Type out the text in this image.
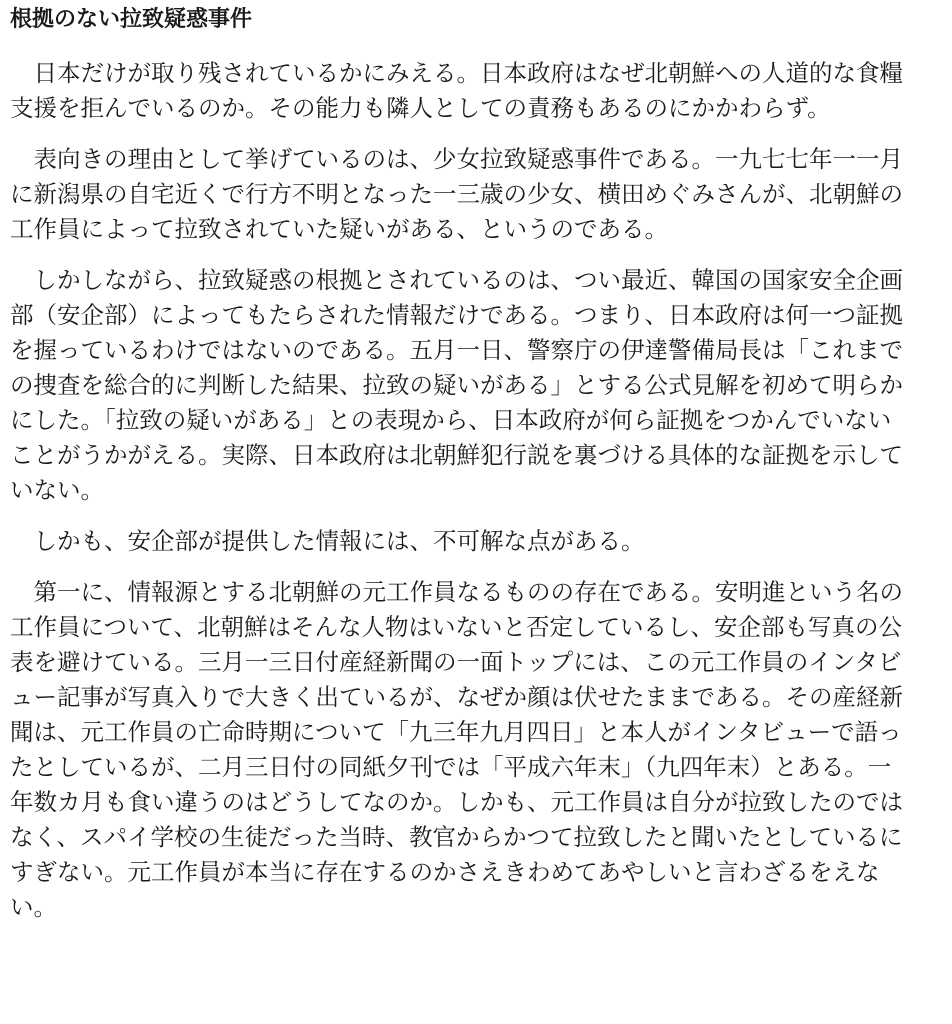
根拠のない拉致疑惑事件

　日本だけが取り残されているかにみえる。日本政府はなぜ北朝鮮への人道的な食糧
支援を拒んでいるのか。その能力も隣人としての責務もあるのにかかわらず。

　表向きの理由として挙げているのは、少女拉致疑惑事件である。一九七七年一一月
に新潟県の自宅近くで行方不明となった一三歳の少女、横田めぐみさんが、北朝鮮の
工作員によって拉致されていた疑いがある、というのである。

　しかしながら、拉致疑惑の根拠とされているのは、つい最近、韓国の国家安全企画
部（安企部）によってもたらされた情報だけである。つまり、日本政府は何一つ証拠
を握っているわけではないのである。五月一日、警察庁の伊達警備局長は「これまで
の捜査を総合的に判断した結果、拉致の疑いがある」とする公式見解を初めて明らか
にした。「拉致の疑いがある」との表現から、日本政府が何ら証拠をつかんでいない
ことがうかがえる。実際、日本政府は北朝鮮犯行説を裏づける具体的な証拠を示して
いない。

　しかも、安企部が提供した情報には、不可解な点がある。

　第一に、情報源とする北朝鮮の元工作員なるものの存在である。安明進という名の
工作員について、北朝鮮はそんな人物はいないと否定しているし、安企部も写真の公
表を避けている。三月一三日付産経新聞の一面トップには、この元工作員のインタビ
ュー記事が写真入りで大きく出ているが、なぜか顔は伏せたままである。その産経新
聞は、元工作員の亡命時期について「九三年九月四日」と本人がインタビューで語っ
たとしているが、二月三日付の同紙夕刊では「平成六年末」（九四年末）とある。一
年数カ月も食い違うのはどうしてなのか。しかも、元工作員は自分が拉致したのでは
なく、スパイ学校の生徒だった当時、教官からかつて拉致したと聞いたとしているに
すぎない。元工作員が本当に存在するのかさえきわめてあやしいと言わざるをえな
い。
